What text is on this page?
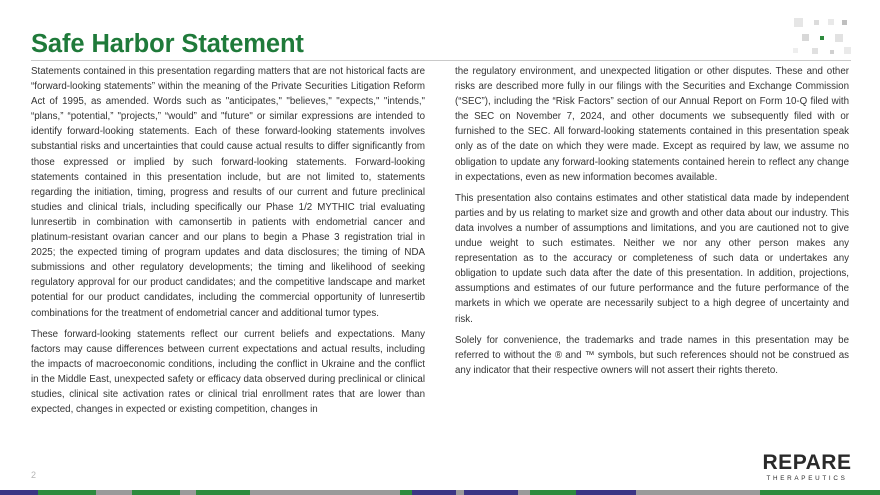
Safe Harbor Statement

Statements contained in this presentation regarding matters that are not historical facts are “forward-looking statements” within the meaning of the Private Securities Litigation Reform Act of 1995, as amended. Words such as "anticipates," "believes," "expects," "intends," “plans,” “potential,” "projects,” “would” and "future" or similar expressions are intended to identify forward-looking statements. Each of these forward-looking statements involves substantial risks and uncertainties that could cause actual results to differ significantly from those expressed or implied by such forward-looking statements. Forward-looking statements contained in this presentation include, but are not limited to, statements regarding the initiation, timing, progress and results of our current and future preclinical studies and clinical trials, including specifically our Phase 1/2 MYTHIC trial evaluating lunresertib in combination with camonsertib in patients with endometrial cancer and platinum-resistant ovarian cancer and our plans to begin a Phase 3 registration trial in 2025; the expected timing of program updates and data disclosures; the timing of NDA submissions and other regulatory developments; the timing and likelihood of seeking regulatory approval for our product candidates; and the competitive landscape and market potential for our product candidates, including the commercial opportunity of lunresertib combinations for the treatment of endometrial cancer and additional tumor types.

These forward-looking statements reflect our current beliefs and expectations. Many factors may cause differences between current expectations and actual results, including the impacts of macroeconomic conditions, including the conflict in Ukraine and the conflict in the Middle East, unexpected safety or efficacy data observed during preclinical or clinical studies, clinical site activation rates or clinical trial enrollment rates that are lower than expected, changes in expected or existing competition, changes in

the regulatory environment, and unexpected litigation or other disputes. These and other risks are described more fully in our filings with the Securities and Exchange Commission (“SEC”), including the “Risk Factors” section of our Annual Report on Form 10-Q filed with the SEC on November 7, 2024, and other documents we subsequently filed with or furnished to the SEC. All forward-looking statements contained in this presentation speak only as of the date on which they were made. Except as required by law, we assume no obligation to update any forward-looking statements contained herein to reflect any change in expectations, even as new information becomes available.

This presentation also contains estimates and other statistical data made by independent parties and by us relating to market size and growth and other data about our industry. This data involves a number of assumptions and limitations, and you are cautioned not to give undue weight to such estimates. Neither we nor any other person makes any representation as to the accuracy or completeness of such data or undertakes any obligation to update such data after the date of this presentation. In addition, projections, assumptions and estimates of our future performance and the future performance of the markets in which we operate are necessarily subject to a high degree of uncertainty and risk.

Solely for convenience, the trademarks and trade names in this presentation may be referred to without the ® and ™ symbols, but such references should not be construed as any indicator that their respective owners will not assert their rights thereto.

2
REPARE
THERAPEUTICS
